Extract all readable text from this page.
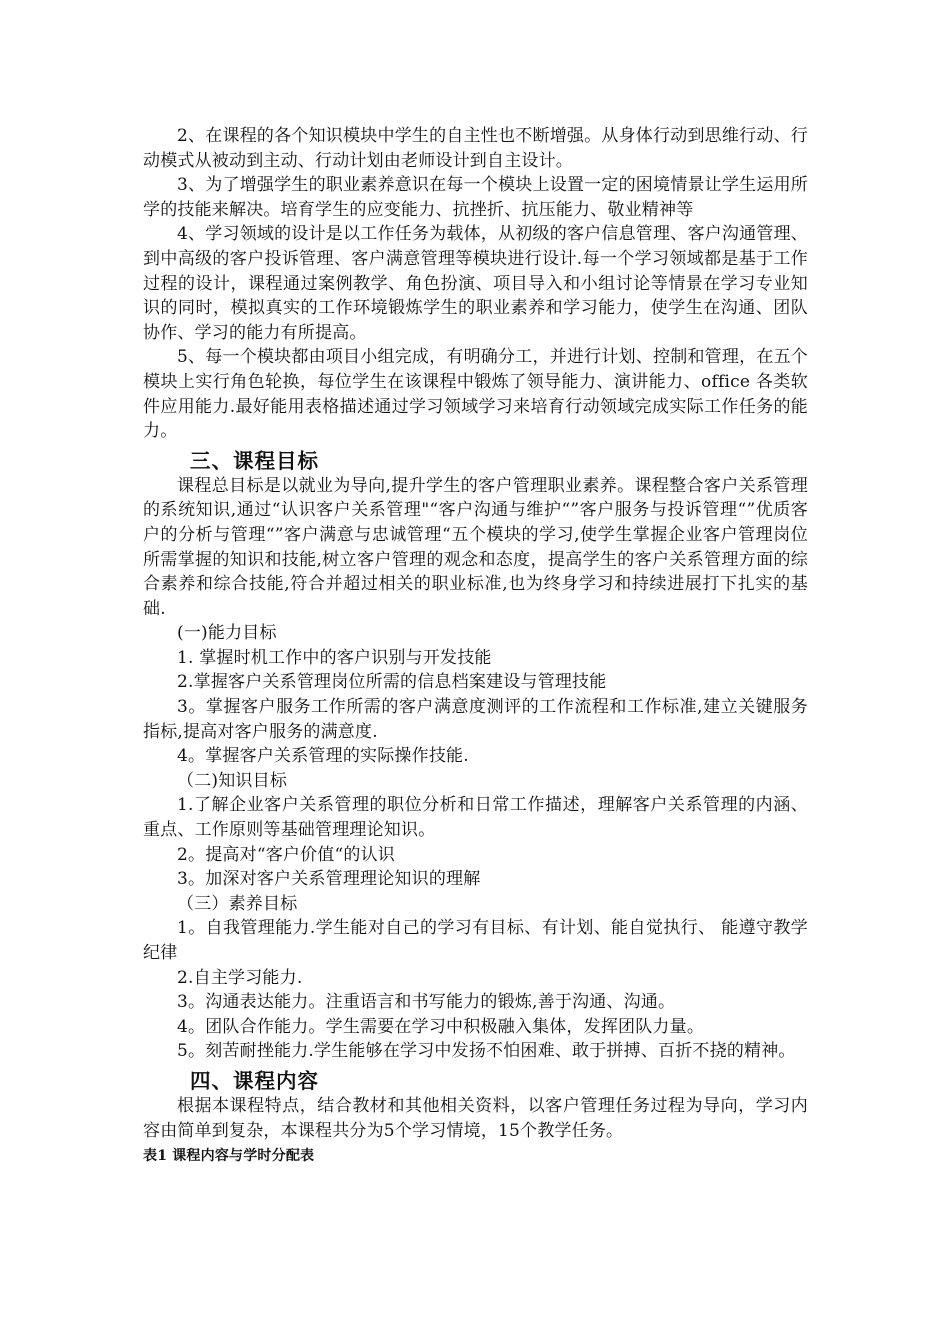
2、在课程的各个知识模块中学生的自主性也不断增强。从身体行动到思维行动、行动模式从被动到主动、行动计划由老师设计到自主设计。

3、为了增强学生的职业素养意识在每一个模块上设置一定的困境情景让学生运用所学的技能来解决。培育学生的应变能力、抗挫折、抗压能力、敬业精神等

4、学习领域的设计是以工作任务为载体，从初级的客户信息管理、客户沟通管理、到中高级的客户投诉管理、客户满意管理等模块进行设计.每一个学习领域都是基于工作过程的设计，课程通过案例教学、角色扮演、项目导入和小组讨论等情景在学习专业知识的同时，模拟真实的工作环境锻炼学生的职业素养和学习能力，使学生在沟通、团队协作、学习的能力有所提高。

5、每一个模块都由项目小组完成，有明确分工，并进行计划、控制和管理，在五个模块上实行角色轮换，每位学生在该课程中锻炼了领导能力、演讲能力、office 各类软件应用能力.最好能用表格描述通过学习领域学习来培育行动领域完成实际工作任务的能力。

三、课程目标

课程总目标是以就业为导向,提升学生的客户管理职业素养。课程整合客户关系管理的系统知识,通过“认识客户关系管理"“客户沟通与维护“”客户服务与投诉管理“”优质客户的分析与管理“”客户满意与忠诚管理“五个模块的学习,使学生掌握企业客户管理岗位所需掌握的知识和技能,树立客户管理的观念和态度，提高学生的客户关系管理方面的综合素养和综合技能,符合并超过相关的职业标准,也为终身学习和持续进展打下扎实的基础.

(一)能力目标

1. 掌握时机工作中的客户识别与开发技能

2.掌握客户关系管理岗位所需的信息档案建设与管理技能

3。掌握客户服务工作所需的客户满意度测评的工作流程和工作标准,建立关键服务指标,提高对客户服务的满意度.

4。掌握客户关系管理的实际操作技能.

（二)知识目标

1.了解企业客户关系管理的职位分析和日常工作描述，理解客户关系管理的内涵、重点、工作原则等基础管理理论知识。

2。提高对“客户价值“的认识

3。加深对客户关系管理理论知识的理解

（三）素养目标

1。自我管理能力.学生能对自己的学习有目标、有计划、能自觉执行、 能遵守教学纪律

2.自主学习能力.

3。沟通表达能力。注重语言和书写能力的锻炼,善于沟通、沟通。

4。团队合作能力。学生需要在学习中积极融入集体，发挥团队力量。

5。刻苦耐挫能力.学生能够在学习中发扬不怕困难、敢于拼搏、百折不挠的精神。

四、课程内容

根据本课程特点，结合教材和其他相关资料，以客户管理任务过程为导向，学习内容由简单到复杂，本课程共分为5个学习情境，15个教学任务。

表1 课程内容与学时分配表
